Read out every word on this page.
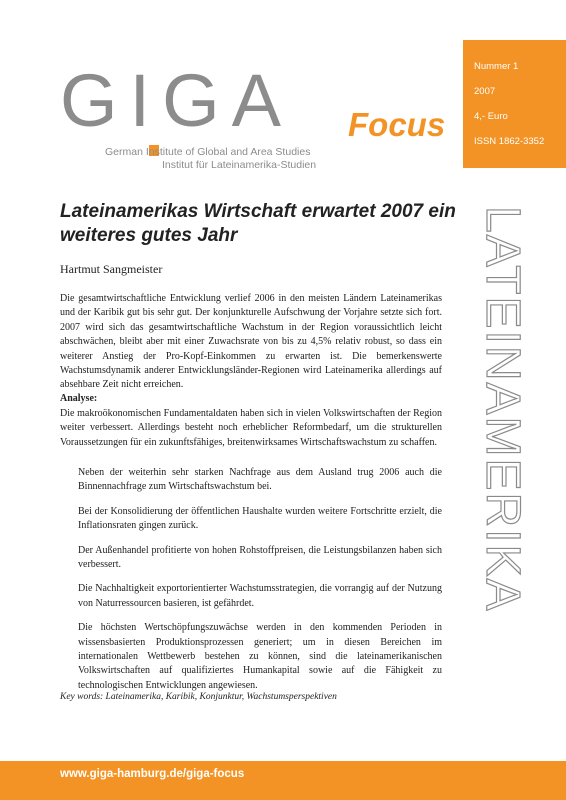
Nummer 1
2007
4,- Euro
ISSN 1862-3352
LATEINAMERIKA
GIGA Focus
German Institute of Global and Area Studies
Institut für Lateinamerika-Studien
Lateinamerikas Wirtschaft erwartet 2007 ein weiteres gutes Jahr
Hartmut Sangmeister
Die gesamtwirtschaftliche Entwicklung verlief 2006 in den meisten Ländern Lateinamerikas und der Karibik gut bis sehr gut. Der konjunkturelle Aufschwung der Vorjahre setzte sich fort. 2007 wird sich das gesamtwirtschaftliche Wachstum in der Region voraussichtlich leicht abschwächen, bleibt aber mit einer Zuwachsrate von bis zu 4,5% relativ robust, so dass ein weiterer Anstieg der Pro-Kopf-Einkommen zu erwarten ist. Die bemerkenswerte Wachstumsdynamik anderer Entwicklungsländer-Regionen wird Lateinamerika allerdings auf absehbare Zeit nicht erreichen.
Analyse:
Die makroökonomischen Fundamentaldaten haben sich in vielen Volkswirtschaften der Region weiter verbessert. Allerdings besteht noch erheblicher Reformbedarf, um die strukturellen Voraussetzungen für ein zukunftsfähiges, breitenwirksames Wirtschaftswachstum zu schaffen.
Neben der weiterhin sehr starken Nachfrage aus dem Ausland trug 2006 auch die Binnennachfrage zum Wirtschaftswachstum bei.
Bei der Konsolidierung der öffentlichen Haushalte wurden weitere Fortschritte erzielt, die Inflationsraten gingen zurück.
Der Außenhandel profitierte von hohen Rohstoffpreisen, die Leistungsbilanzen haben sich verbessert.
Die Nachhaltigkeit exportorientierter Wachstumsstrategien, die vorrangig auf der Nutzung von Naturressourcen basieren, ist gefährdet.
Die höchsten Wertschöpfungszuwächse werden in den kommenden Perioden in wissensbasierten Produktionsprozessen generiert; um in diesen Bereichen im internationalen Wettbewerb bestehen zu können, sind die lateinamerikanischen Volkswirtschaften auf qualifiziertes Humankapital sowie auf die Fähigkeit zu technologischen Entwicklungen angewiesen.
Key words: Lateinamerika, Karibik, Konjunktur, Wachstumsperspektiven
www.giga-hamburg.de/giga-focus
